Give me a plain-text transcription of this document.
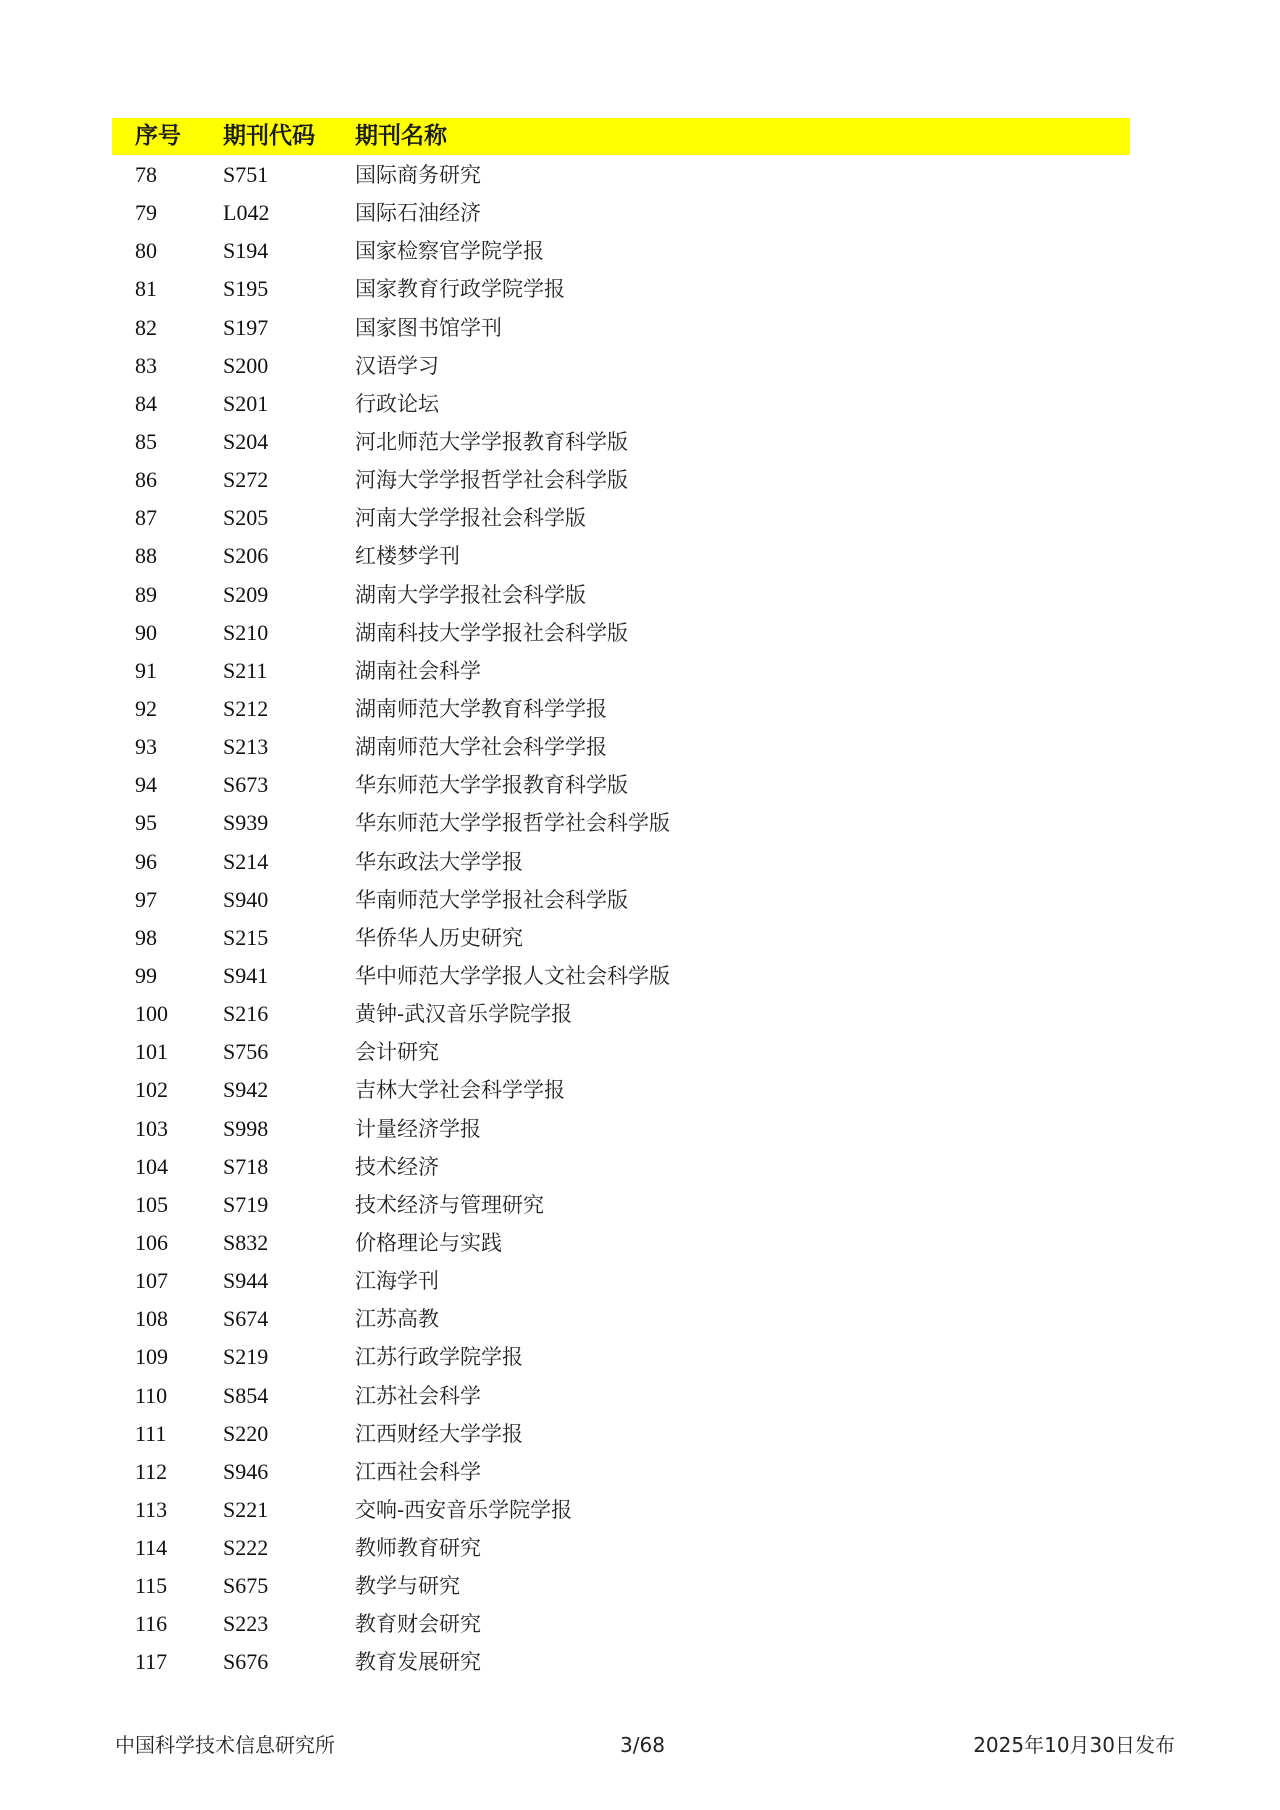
序号 期刊代码 期刊名称
78	S751	国际商务研究
79	L042	国际石油经济
80	S194	国家检察官学院学报
81	S195	国家教育行政学院学报
82	S197	国家图书馆学刊
83	S200	汉语学习
84	S201	行政论坛
85	S204	河北师范大学学报教育科学版
86	S272	河海大学学报哲学社会科学版
87	S205	河南大学学报社会科学版
88	S206	红楼梦学刊
89	S209	湖南大学学报社会科学版
90	S210	湖南科技大学学报社会科学版
91	S211	湖南社会科学
92	S212	湖南师范大学教育科学学报
93	S213	湖南师范大学社会科学学报
94	S673	华东师范大学学报教育科学版
95	S939	华东师范大学学报哲学社会科学版
96	S214	华东政法大学学报
97	S940	华南师范大学学报社会科学版
98	S215	华侨华人历史研究
99	S941	华中师范大学学报人文社会科学版
100	S216	黄钟-武汉音乐学院学报
101	S756	会计研究
102	S942	吉林大学社会科学学报
103	S998	计量经济学报
104	S718	技术经济
105	S719	技术经济与管理研究
106	S832	价格理论与实践
107	S944	江海学刊
108	S674	江苏高教
109	S219	江苏行政学院学报
110	S854	江苏社会科学
111	S220	江西财经大学学报
112	S946	江西社会科学
113	S221	交响-西安音乐学院学报
114	S222	教师教育研究
115	S675	教学与研究
116	S223	教育财会研究
117	S676	教育发展研究
中国科学技术信息研究所	3/68	2025年10月30日发布
